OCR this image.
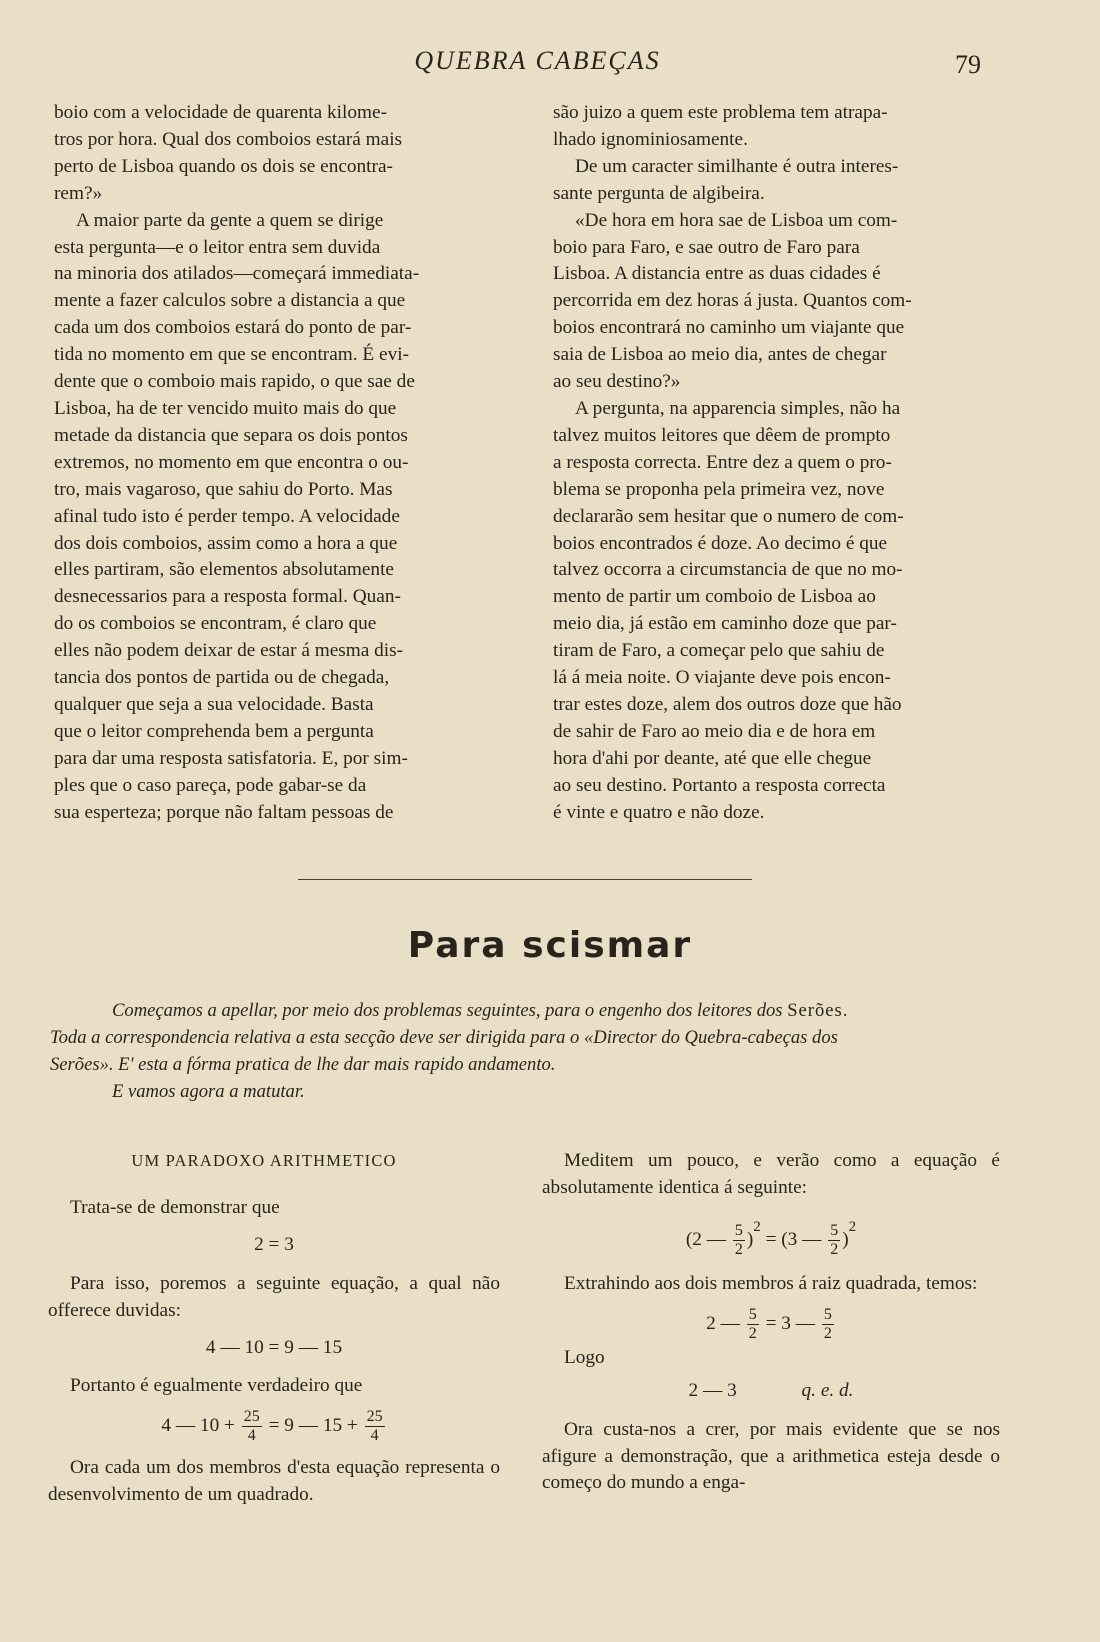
QUEBRA CABEÇAS	79

boio com a velocidade de quarenta kilome-

tros por hora. Qual dos comboios estará mais

perto de Lisboa quando os dois se encontra-

rem?»

A maior parte da gente a quem se dirige

esta pergunta—e o leitor entra sem duvida

na minoria dos atilados—começará immediata-

mente a fazer calculos sobre a distancia a que

cada um dos comboios estará do ponto de par-

tida no momento em que se encontram. É evi-

dente que o comboio mais rapido, o que sae de

Lisboa, ha de ter vencido muito mais do que

metade da distancia que separa os dois pontos

extremos, no momento em que encontra o ou-

tro, mais vagaroso, que sahiu do Porto. Mas

afinal tudo isto é perder tempo. A velocidade

dos dois comboios, assim como a hora a que

elles partiram, são elementos absolutamente

desnecessarios para a resposta formal. Quan-

do os comboios se encontram, é claro que

elles não podem deixar de estar á mesma dis-

tancia dos pontos de partida ou de chegada,

qualquer que seja a sua velocidade. Basta

que o leitor comprehenda bem a pergunta

para dar uma resposta satisfatoria. E, por sim-

ples que o caso pareça, pode gabar-se da

sua esperteza; porque não faltam pessoas de

são juizo a quem este problema tem atrapa-

lhado ignominiosamente.

De um caracter similhante é outra interes-

sante pergunta de algibeira.

«De hora em hora sae de Lisboa um com-

boio para Faro, e sae outro de Faro para

Lisboa. A distancia entre as duas cidades é

percorrida em dez horas á justa. Quantos com-

boios encontrará no caminho um viajante que

saia de Lisboa ao meio dia, antes de chegar

ao seu destino?»

A pergunta, na apparencia simples, não ha

talvez muitos leitores que dêem de prompto

a resposta correcta. Entre dez a quem o pro-

blema se proponha pela primeira vez, nove

declararão sem hesitar que o numero de com-

boios encontrados é doze. Ao decimo é que

talvez occorra a circumstancia de que no mo-

mento de partir um comboio de Lisboa ao

meio dia, já estão em caminho doze que par-

tiram de Faro, a começar pelo que sahiu de

lá á meia noite. O viajante deve pois encon-

trar estes doze, alem dos outros doze que hão

de sahir de Faro ao meio dia e de hora em

hora d'ahi por deante, até que elle chegue

ao seu destino. Portanto a resposta correcta

é vinte e quatro e não doze.

Para scismar

Começamos a apellar, por meio dos problemas seguintes, para o engenho dos leitores dos Serões.

Toda a correspondencia relativa a esta secção deve ser dirigida para o «Director do Quebra-cabeças dos

Serões». E' esta a fórma pratica de lhe dar mais rapido andamento.

E vamos agora a matutar.

UM PARADOXO ARITHMETICO

Trata-se de demonstrar que

2 = 3

Para isso, poremos a seguinte equação, a qual não offerece duvidas:

4 — 10 = 9 — 15

Portanto é egualmente verdadeiro que

4 — $10 + \frac{25}{4} = 9$ — $15 + \frac{25}{4}$

Ora cada um dos membros d'esta equação representa o desenvolvimento de um quadrado.

Meditem um pouco, e verão como a equação é absolutamente identica á seguinte:

(2 — $\frac{5}{2} )^2 = (3$ — $\frac{5}{2} )^2$

Extrahindo aos dois membros á raiz quadrada, temos:

2 — $\frac{5}{2} = 3$ — $\frac{5}{2}$

Logo

2 — 3	q. e. d.

Ora custa-nos a crer, por mais evidente que se nos afigure a demonstração, que a arithmetica esteja desde o começo do mundo a enga-
